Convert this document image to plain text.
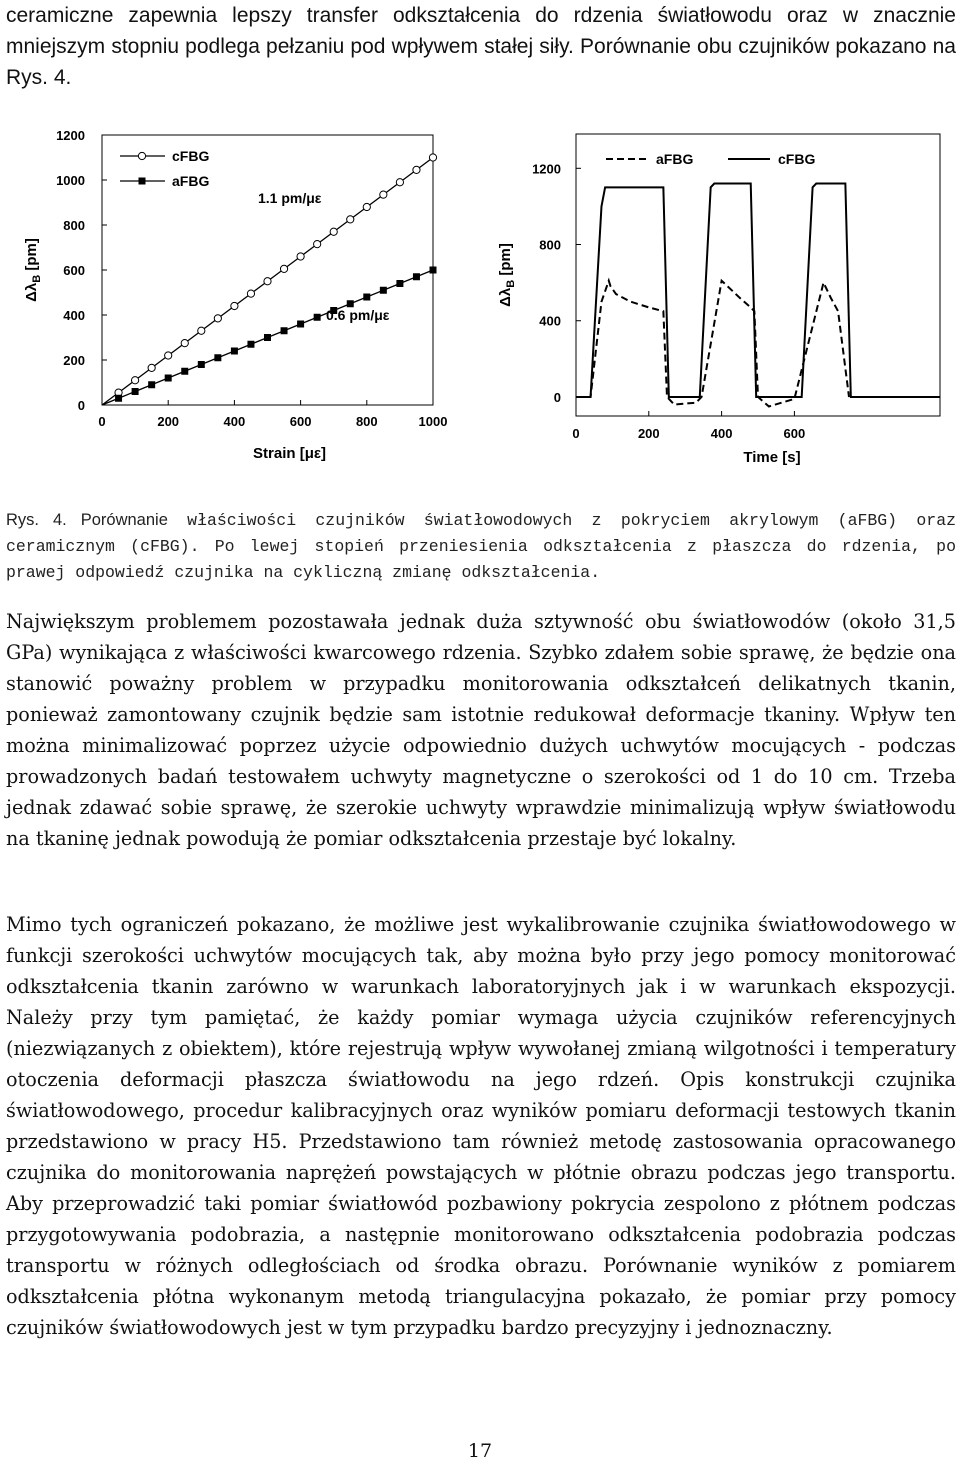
ceramiczne zapewnia lepszy transfer odkształcenia do rdzenia światłowodu oraz w znacznie mniejszym stopniu podlega pełzaniu pod wpływem stałej siły. Porównanie obu czujników pokazano na Rys. 4.

0	200	400	600	800	1000
0
200
400
600
800
1000
1200
Strain [με]
$\Delta\lambda_B$ [pm]
cFBG
aFBG
1.1 pm/με
0.6 pm/με
0	200	400	600
0
400
800
1200
Time [s]
$\Delta\lambda_B$ [pm]
aFBG	cFBG

Rys. 4. Porównanie właściwości czujników światłowodowych z pokryciem akrylowym (aFBG) oraz ceramicznym (cFBG). Po lewej stopień przeniesienia odkształcenia z płaszcza do rdzenia, po prawej odpowiedź czujnika na cykliczną zmianę odkształcenia.

Największym problemem pozostawała jednak duża sztywność obu światłowodów (około 31,5 GPa) wynikająca z właściwości kwarcowego rdzenia. Szybko zdałem sobie sprawę, że będzie ona stanowić poważny problem w przypadku monitorowania odkształceń delikatnych tkanin, ponieważ zamontowany czujnik będzie sam istotnie redukował deformacje tkaniny. Wpływ ten można minimalizować poprzez użycie odpowiednio dużych uchwytów mocujących - podczas prowadzonych badań testowałem uchwyty magnetyczne o szerokości od 1 do 10 cm. Trzeba jednak zdawać sobie sprawę, że szerokie uchwyty wprawdzie minimalizują wpływ światłowodu na tkaninę jednak powodują że pomiar odkształcenia przestaje być lokalny.

Mimo tych ograniczeń pokazano, że możliwe jest wykalibrowanie czujnika światłowodowego w funkcji szerokości uchwytów mocujących tak, aby można było przy jego pomocy monitorować odkształcenia tkanin zarówno w warunkach laboratoryjnych jak i w warunkach ekspozycji. Należy przy tym pamiętać, że każdy pomiar wymaga użycia czujników referencyjnych (niezwiązanych z obiektem), które rejestrują wpływ wywołanej zmianą wilgotności i temperatury otoczenia deformacji płaszcza światłowodu na jego rdzeń. Opis konstrukcji czujnika światłowodowego, procedur kalibracyjnych oraz wyników pomiaru deformacji testowych tkanin przedstawiono w pracy H5. Przedstawiono tam również metodę zastosowania opracowanego czujnika do monitorowania naprężeń powstających w płótnie obrazu podczas jego transportu. Aby przeprowadzić taki pomiar światłowód pozbawiony pokrycia zespolono z płótnem podczas przygotowywania podobrazia, a następnie monitorowano odkształcenia podobrazia podczas transportu w różnych odległościach od środka obrazu. Porównanie wyników z pomiarem odkształcenia płótna wykonanym metodą triangulacyjna pokazało, że pomiar przy pomocy czujników światłowodowych jest w tym przypadku bardzo precyzyjny i jednoznaczny.

17
